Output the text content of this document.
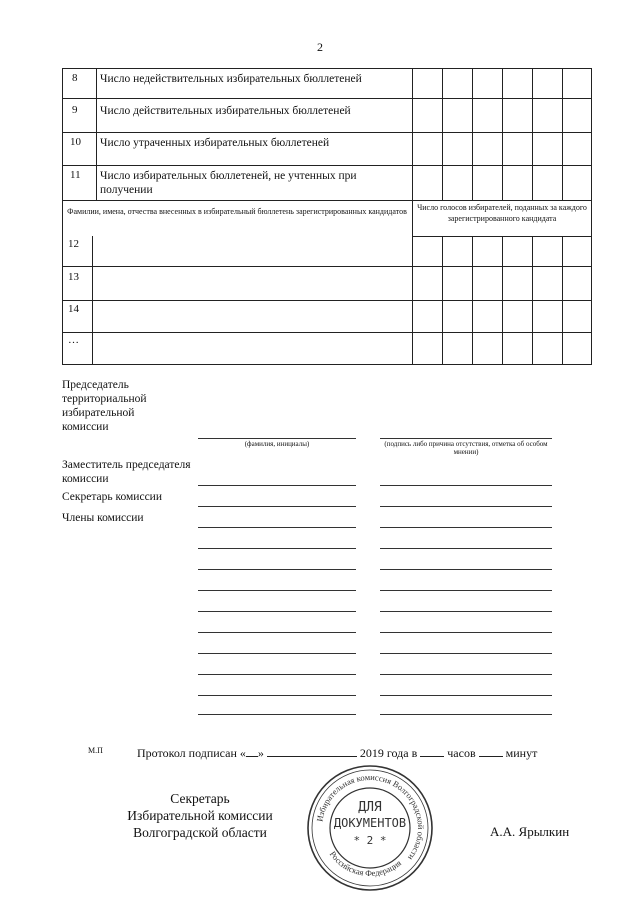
2
8 Число недействительных избирательных бюллетеней
9 Число действительных избирательных бюллетеней
10 Число утраченных избирательных бюллетеней
11 Число избирательных бюллетеней, не учтенных при получении
Фамилии, имена, отчества внесенных в избирательный бюллетень зарегистрированных кандидатов	Число голосов избирателей, поданных за каждого зарегистрированного кандидата
12
13
14
…
Председатель территориальной избирательной комиссии
(фамилия, инициалы)	(подпись либо причина отсутствия, отметка об особом мнении)
Заместитель председателя комиссии
Секретарь комиссии
Члены комиссии
М.П	Протокол подписан « »	2019 года в	часов	минут
Секретарь
Избирательной комиссии
Волгоградской области	А.А. Ярылкин
Избирательная комиссия Волгоградской области
Российская Федерация
ДЛЯ
ДОКУМЕНТОВ
* 2 *
